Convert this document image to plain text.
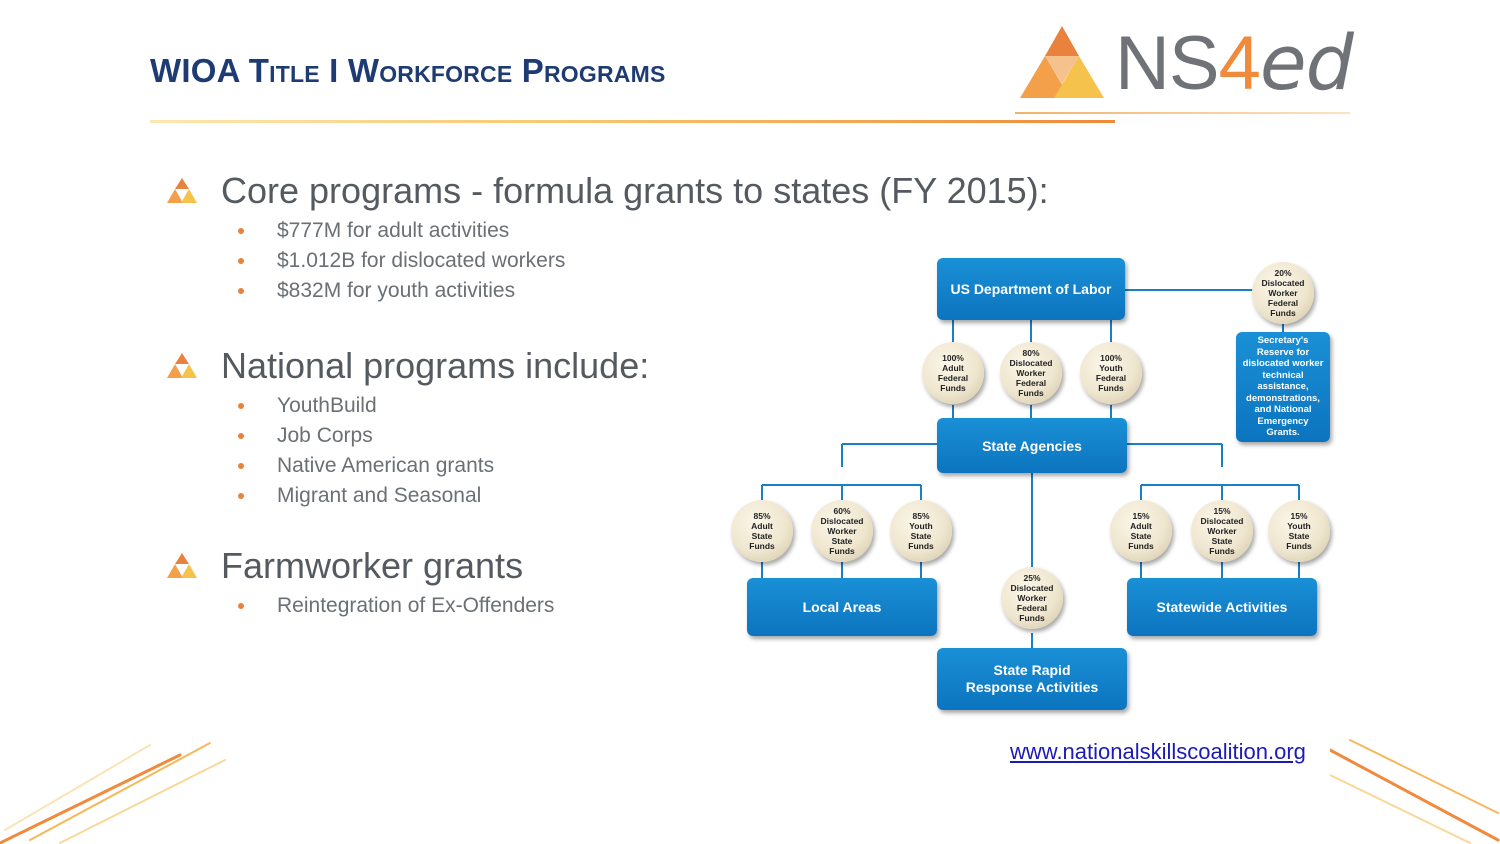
WIOA Title I Workforce Programs	NS4ed
Core programs - formula grants to states (FY 2015):
$777M for adult activities
$1.012B for dislocated workers
$832M for youth activities
National programs include:
YouthBuild
Job Corps
Native American grants
Migrant and Seasonal
Farmworker grants
Reintegration of Ex-Offenders
US Department of Labor
State Agencies
Local Areas	Statewide Activities
State Rapid
Response Activities
Secretary's Reserve for dislocated worker technical assistance, demonstrations, and National Emergency Grants.
100%
Adult
Federal
Funds
80%
Dislocated
Worker
Federal
Funds
100%
Youth
Federal
Funds
20%
Dislocated
Worker
Federal
Funds
85%
Adult
State
Funds
60%
Dislocated
Worker
State
Funds
85%
Youth
State
Funds
25%
Dislocated
Worker
Federal
Funds
15%
Adult
State
Funds
15%
Dislocated
Worker
State
Funds
15%
Youth
State
Funds
www.nationalskillscoalition.org
